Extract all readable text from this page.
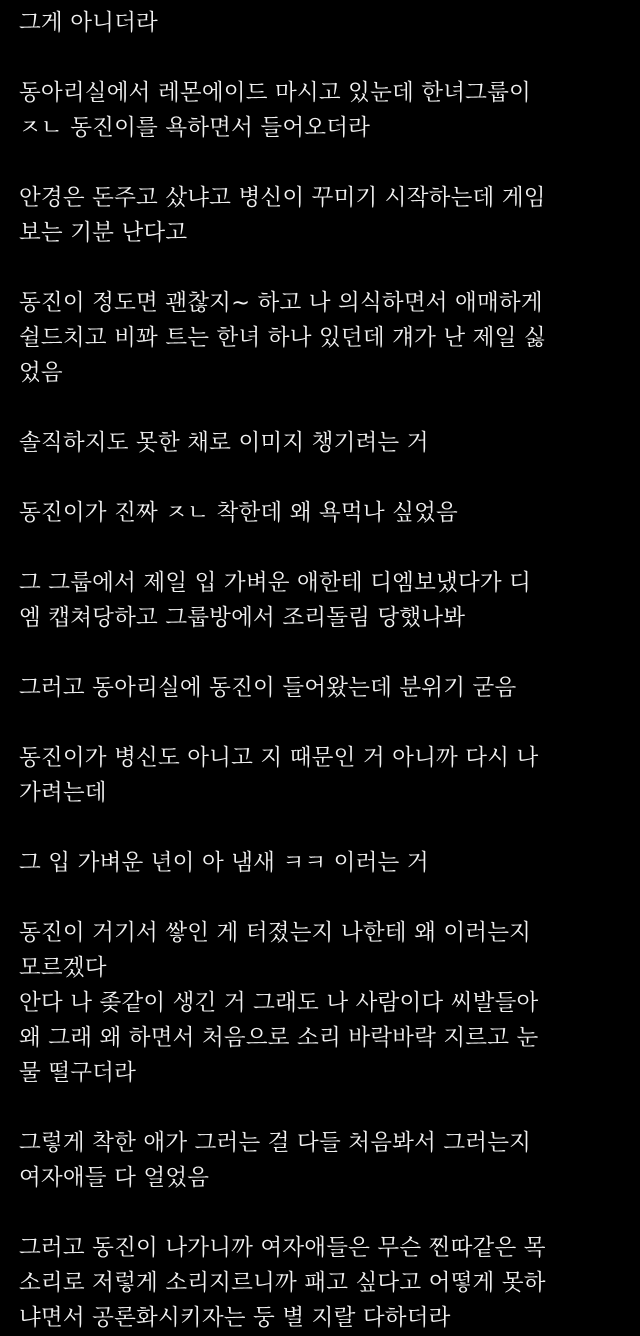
그게 아니더라
동아리실에서 레몬에이드 마시고 있눈데 한녀그룹이
ㅈㄴ 동진이를 욕하면서 들어오더라
안경은 돈주고 샀냐고 병신이 꾸미기 시작하는데 게임
보는 기분 난다고
동진이 정도면 괜찮지~ 하고 나 의식하면서 애매하게
쉴드치고 비꽈 트는 한녀 하나 있던데 걔가 난 제일 싫
었음
솔직하지도 못한 채로 이미지 챙기려는 거
동진이가 진짜 ㅈㄴ 착한데 왜 욕먹나 싶었음
그 그룹에서 제일 입 가벼운 애한테 디엠보냈다가 디
엠 캡쳐당하고 그룹방에서 조리돌림 당했나봐
그러고 동아리실에 동진이 들어왔는데 분위기 굳음
동진이가 병신도 아니고 지 때문인 거 아니까 다시 나
가려는데
그 입 가벼운 년이 아 냄새 ㅋㅋ 이러는 거
동진이 거기서 쌓인 게 터졌는지 나한테 왜 이러는지
모르겠다
안다 나 좆같이 생긴 거 그래도 나 사람이다 씨발들아
왜 그래 왜 하면서 처음으로 소리 바락바락 지르고 눈
물 떨구더라
그렇게 착한 애가 그러는 걸 다들 처음봐서 그러는지
여자애들 다 얼었음
그러고 동진이 나가니까 여자애들은 무슨 찐따같은 목
소리로 저렇게 소리지르니까 패고 싶다고 어떻게 못하
냐면서 공론화시키자는 둥 별 지랄 다하더라
